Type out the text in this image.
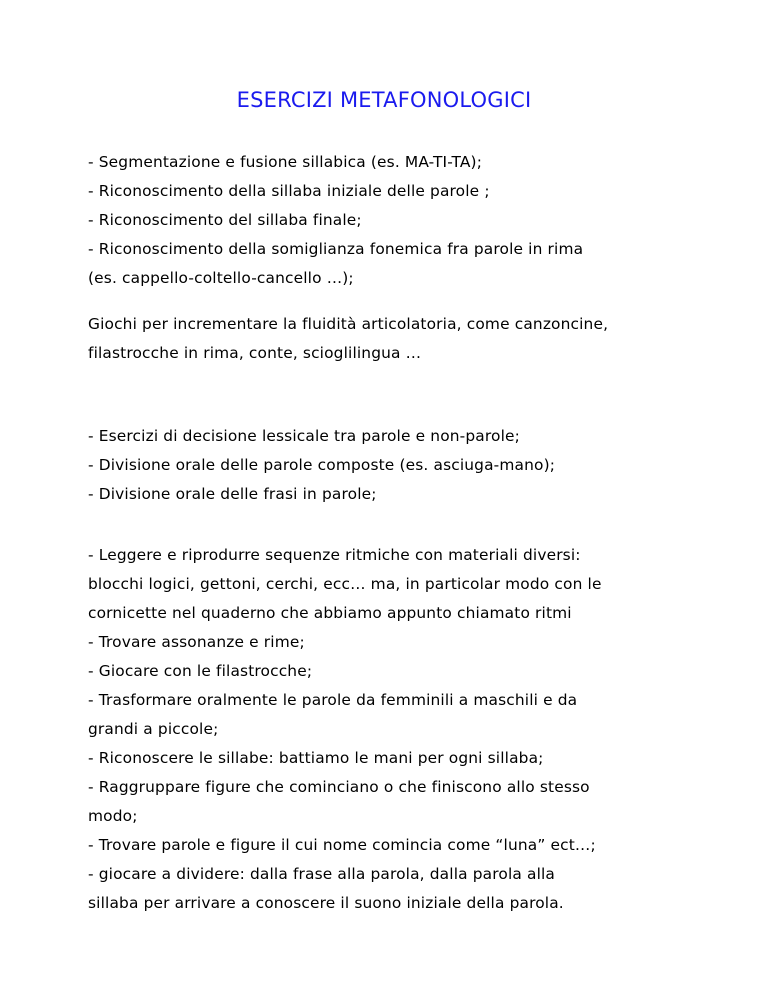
ESERCIZI METAFONOLOGICI
- Segmentazione e fusione sillabica (es. MA-TI-TA);
- Riconoscimento della sillaba iniziale delle parole ;
- Riconoscimento del sillaba finale;
- Riconoscimento della somiglianza fonemica fra parole in rima
(es. cappello-coltello-cancello …);
Giochi per incrementare la fluidità articolatoria, come canzoncine,
filastrocche in rima, conte, scioglilingua …
- Esercizi di decisione lessicale tra parole e non-parole;
- Divisione orale delle parole composte (es. asciuga-mano);
- Divisione orale delle frasi in parole;
- Leggere e riprodurre sequenze ritmiche con materiali diversi:
blocchi logici, gettoni, cerchi, ecc… ma, in particolar modo con le
cornicette nel quaderno che abbiamo appunto chiamato ritmi
- Trovare assonanze e rime;
- Giocare con le filastrocche;
- Trasformare oralmente le parole da femminili a maschili e da
grandi a piccole;
- Riconoscere le sillabe: battiamo le mani per ogni sillaba;
- Raggruppare figure che cominciano o che finiscono allo stesso
modo;
- Trovare parole e figure il cui nome comincia come “luna” ect…;
- giocare a dividere: dalla frase alla parola, dalla parola alla
sillaba per arrivare a conoscere il suono iniziale della parola.
